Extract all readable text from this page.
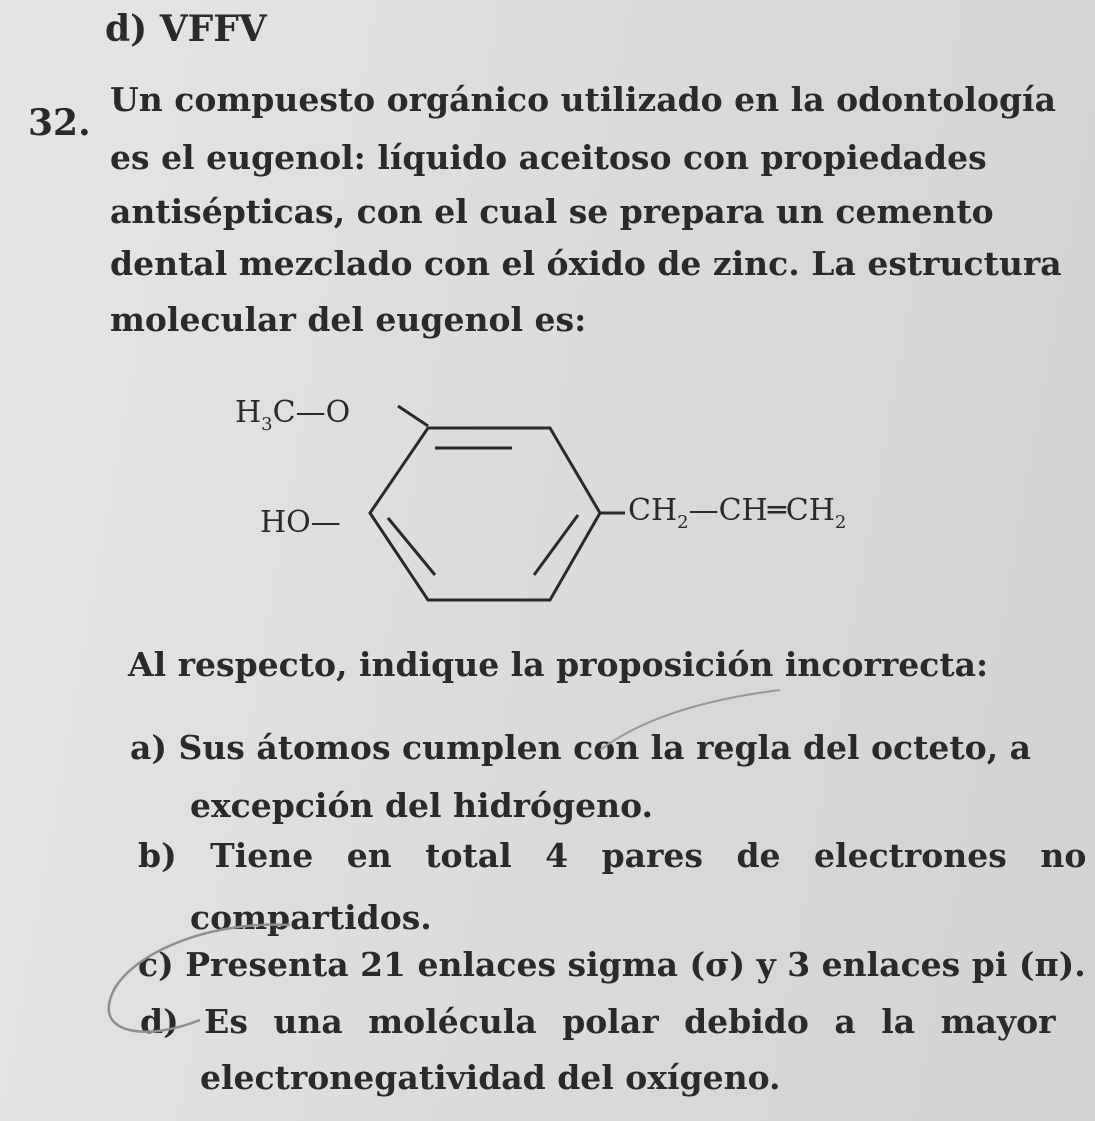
d) VFFV
32.
Un compuesto orgánico utilizado en la odontología
es el eugenol: líquido aceitoso con propiedades
antisépticas, con el cual se prepara un cemento
dental mezclado con el óxido de zinc. La estructura
molecular del eugenol es:
$H_3C—O$
HO—	$CH_2—CH═CH_2$
Al respecto, indique la proposición incorrecta:
a) Sus átomos cumplen con la regla del octeto, a
excepción del hidrógeno.
b) Tiene en total 4 pares de electrones no
compartidos.
c) Presenta 21 enlaces sigma (σ) y 3 enlaces pi (π).
d) Es una molécula polar debido a la mayor
electronegatividad del oxígeno.
